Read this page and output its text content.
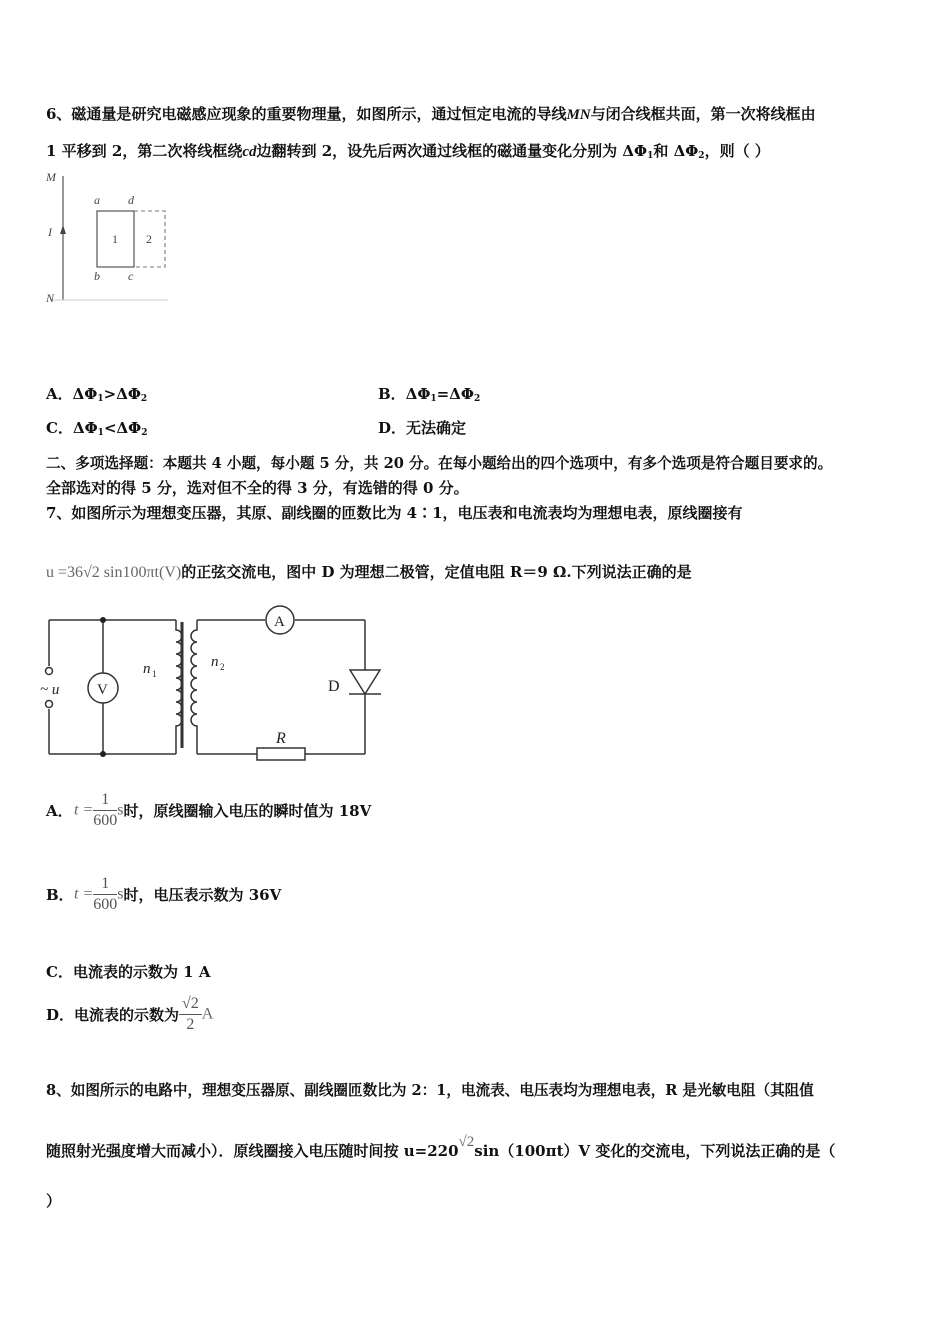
6、磁通量是研究电磁感应现象的重要物理量，如图所示，通过恒定电流的导线MN与闭合线框共面，第一次将线框由
1 平移到 2，第二次将线框绕cd边翻转到 2，设先后两次通过线框的磁通量变化分别为 $\Delta\Phi_1$和 $\Delta\Phi_2$，则（ ）
M
I
N
a d
b c
1 2
A．$\Delta\Phi_1>\Delta\Phi_2$	B．$\Delta\Phi_1=\Delta\Phi_2$
C．$\Delta\Phi_1<\Delta\Phi_2$	D．无法确定
二、多项选择题：本题共 4 小题，每小题 5 分，共 20 分。在每小题给出的四个选项中，有多个选项是符合题目要求的。
全部选对的得 5 分，选对但不全的得 3 分，有选错的得 0 分。
7、如图所示为理想变压器，其原、副线圈的匝数比为 4∶1，电压表和电流表均为理想电表，原线圈接有
u =36√2 sin100πt(V)的正弦交流电，图中 D 为理想二极管，定值电阻 R＝9 Ω.下列说法正确的是
V
A
~ u
n 1
n 2
D
R
A．$t = \frac{1}{600}$ s时，原线圈输入电压的瞬时值为 18V
B．$t = \frac{1}{600}$ s时，电压表示数为 36V
C．电流表的示数为 1 A
D．电流表的示数为 $\frac{√2}{2}$ A
8、如图所示的电路中，理想变压器原、副线圈匝数比为 2：1，电流表、电压表均为理想电表，R 是光敏电阻（其阻值
随照射光强度增大而减小）．原线圈接入电压随时间按 u=220√2sin（100πt）V 变化的交流电，下列说法正确的是（
）
